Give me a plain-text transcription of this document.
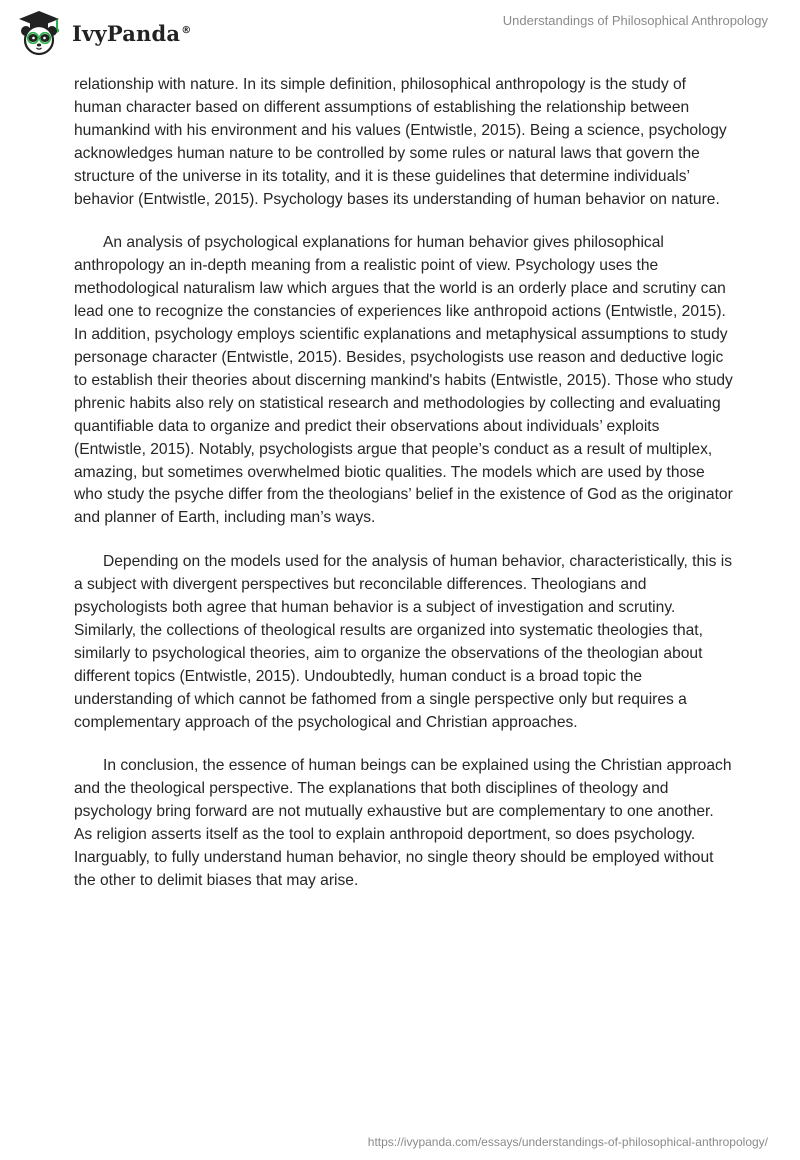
IvyPanda®
Understandings of Philosophical Anthropology

relationship with nature. In its simple definition, philosophical anthropology is the study of human character based on different assumptions of establishing the relationship between humankind with his environment and his values (Entwistle, 2015). Being a science, psychology acknowledges human nature to be controlled by some rules or natural laws that govern the structure of the universe in its totality, and it is these guidelines that determine individuals’ behavior (Entwistle, 2015). Psychology bases its understanding of human behavior on nature.

An analysis of psychological explanations for human behavior gives philosophical anthropology an in-depth meaning from a realistic point of view. Psychology uses the methodological naturalism law which argues that the world is an orderly place and scrutiny can lead one to recognize the constancies of experiences like anthropoid actions (Entwistle, 2015). In addition, psychology employs scientific explanations and metaphysical assumptions to study personage character (Entwistle, 2015). Besides, psychologists use reason and deductive logic to establish their theories about discerning mankind's habits (Entwistle, 2015). Those who study phrenic habits also rely on statistical research and methodologies by collecting and evaluating quantifiable data to organize and predict their observations about individuals’ exploits (Entwistle, 2015). Notably, psychologists argue that people’s conduct as a result of multiplex, amazing, but sometimes overwhelmed biotic qualities. The models which are used by those who study the psyche differ from the theologians’ belief in the existence of God as the originator and planner of Earth, including man’s ways.

Depending on the models used for the analysis of human behavior, characteristically, this is a subject with divergent perspectives but reconcilable differences. Theologians and psychologists both agree that human behavior is a subject of investigation and scrutiny. Similarly, the collections of theological results are organized into systematic theologies that, similarly to psychological theories, aim to organize the observations of the theologian about different topics (Entwistle, 2015). Undoubtedly, human conduct is a broad topic the understanding of which cannot be fathomed from a single perspective only but requires a complementary approach of the psychological and Christian approaches.

In conclusion, the essence of human beings can be explained using the Christian approach and the theological perspective. The explanations that both disciplines of theology and psychology bring forward are not mutually exhaustive but are complementary to one another. As religion asserts itself as the tool to explain anthropoid deportment, so does psychology. Inarguably, to fully understand human behavior, no single theory should be employed without the other to delimit biases that may arise.

https://ivypanda.com/essays/understandings-of-philosophical-anthropology/
